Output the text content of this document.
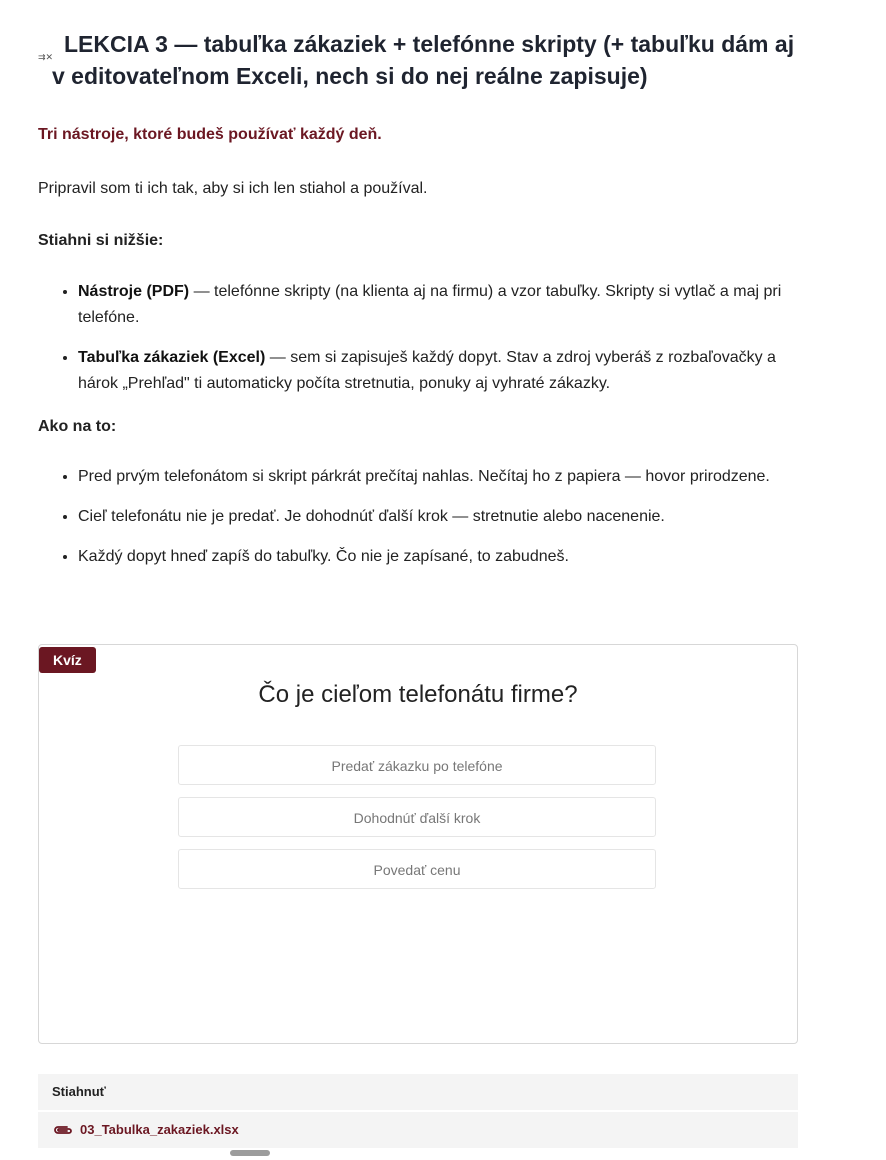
⇉✕ LEKCIA 3 — tabuľka zákaziek + telefónne skripty (+ tabuľku dám aj
v editovateľnom Exceli, nech si do nej reálne zapisuje)

Tri nástroje, ktoré budeš používať každý deň.

Pripravil som ti ich tak, aby si ich len stiahol a používal.

Stiahni si nižšie:

• Nástroje (PDF) — telefónne skripty (na klienta aj na firmu) a vzor tabuľky. Skripty si vytlač a maj pri telefóne.
• Tabuľka zákaziek (Excel) — sem si zapisuješ každý dopyt. Stav a zdroj vyberáš z rozbaľovačky a hárok „Prehľad" ti automaticky počíta stretnutia, ponuky aj vyhraté zákazky.

Ako na to:

• Pred prvým telefonátom si skript párkrát prečítaj nahlas. Nečítaj ho z papiera — hovor prirodzene.
• Cieľ telefonátu nie je predať. Je dohodnúť ďalší krok — stretnutie alebo nacenenie.
• Každý dopyt hneď zapíš do tabuľky. Čo nie je zapísané, to zabudneš.
Kvíz
Čo je cieľom telefonátu firme?
Predať zákazku po telefóne
Dohodnúť ďalší krok
Povedať cenu
Stiahnuť
03_Tabulka_zakaziek.xlsx
